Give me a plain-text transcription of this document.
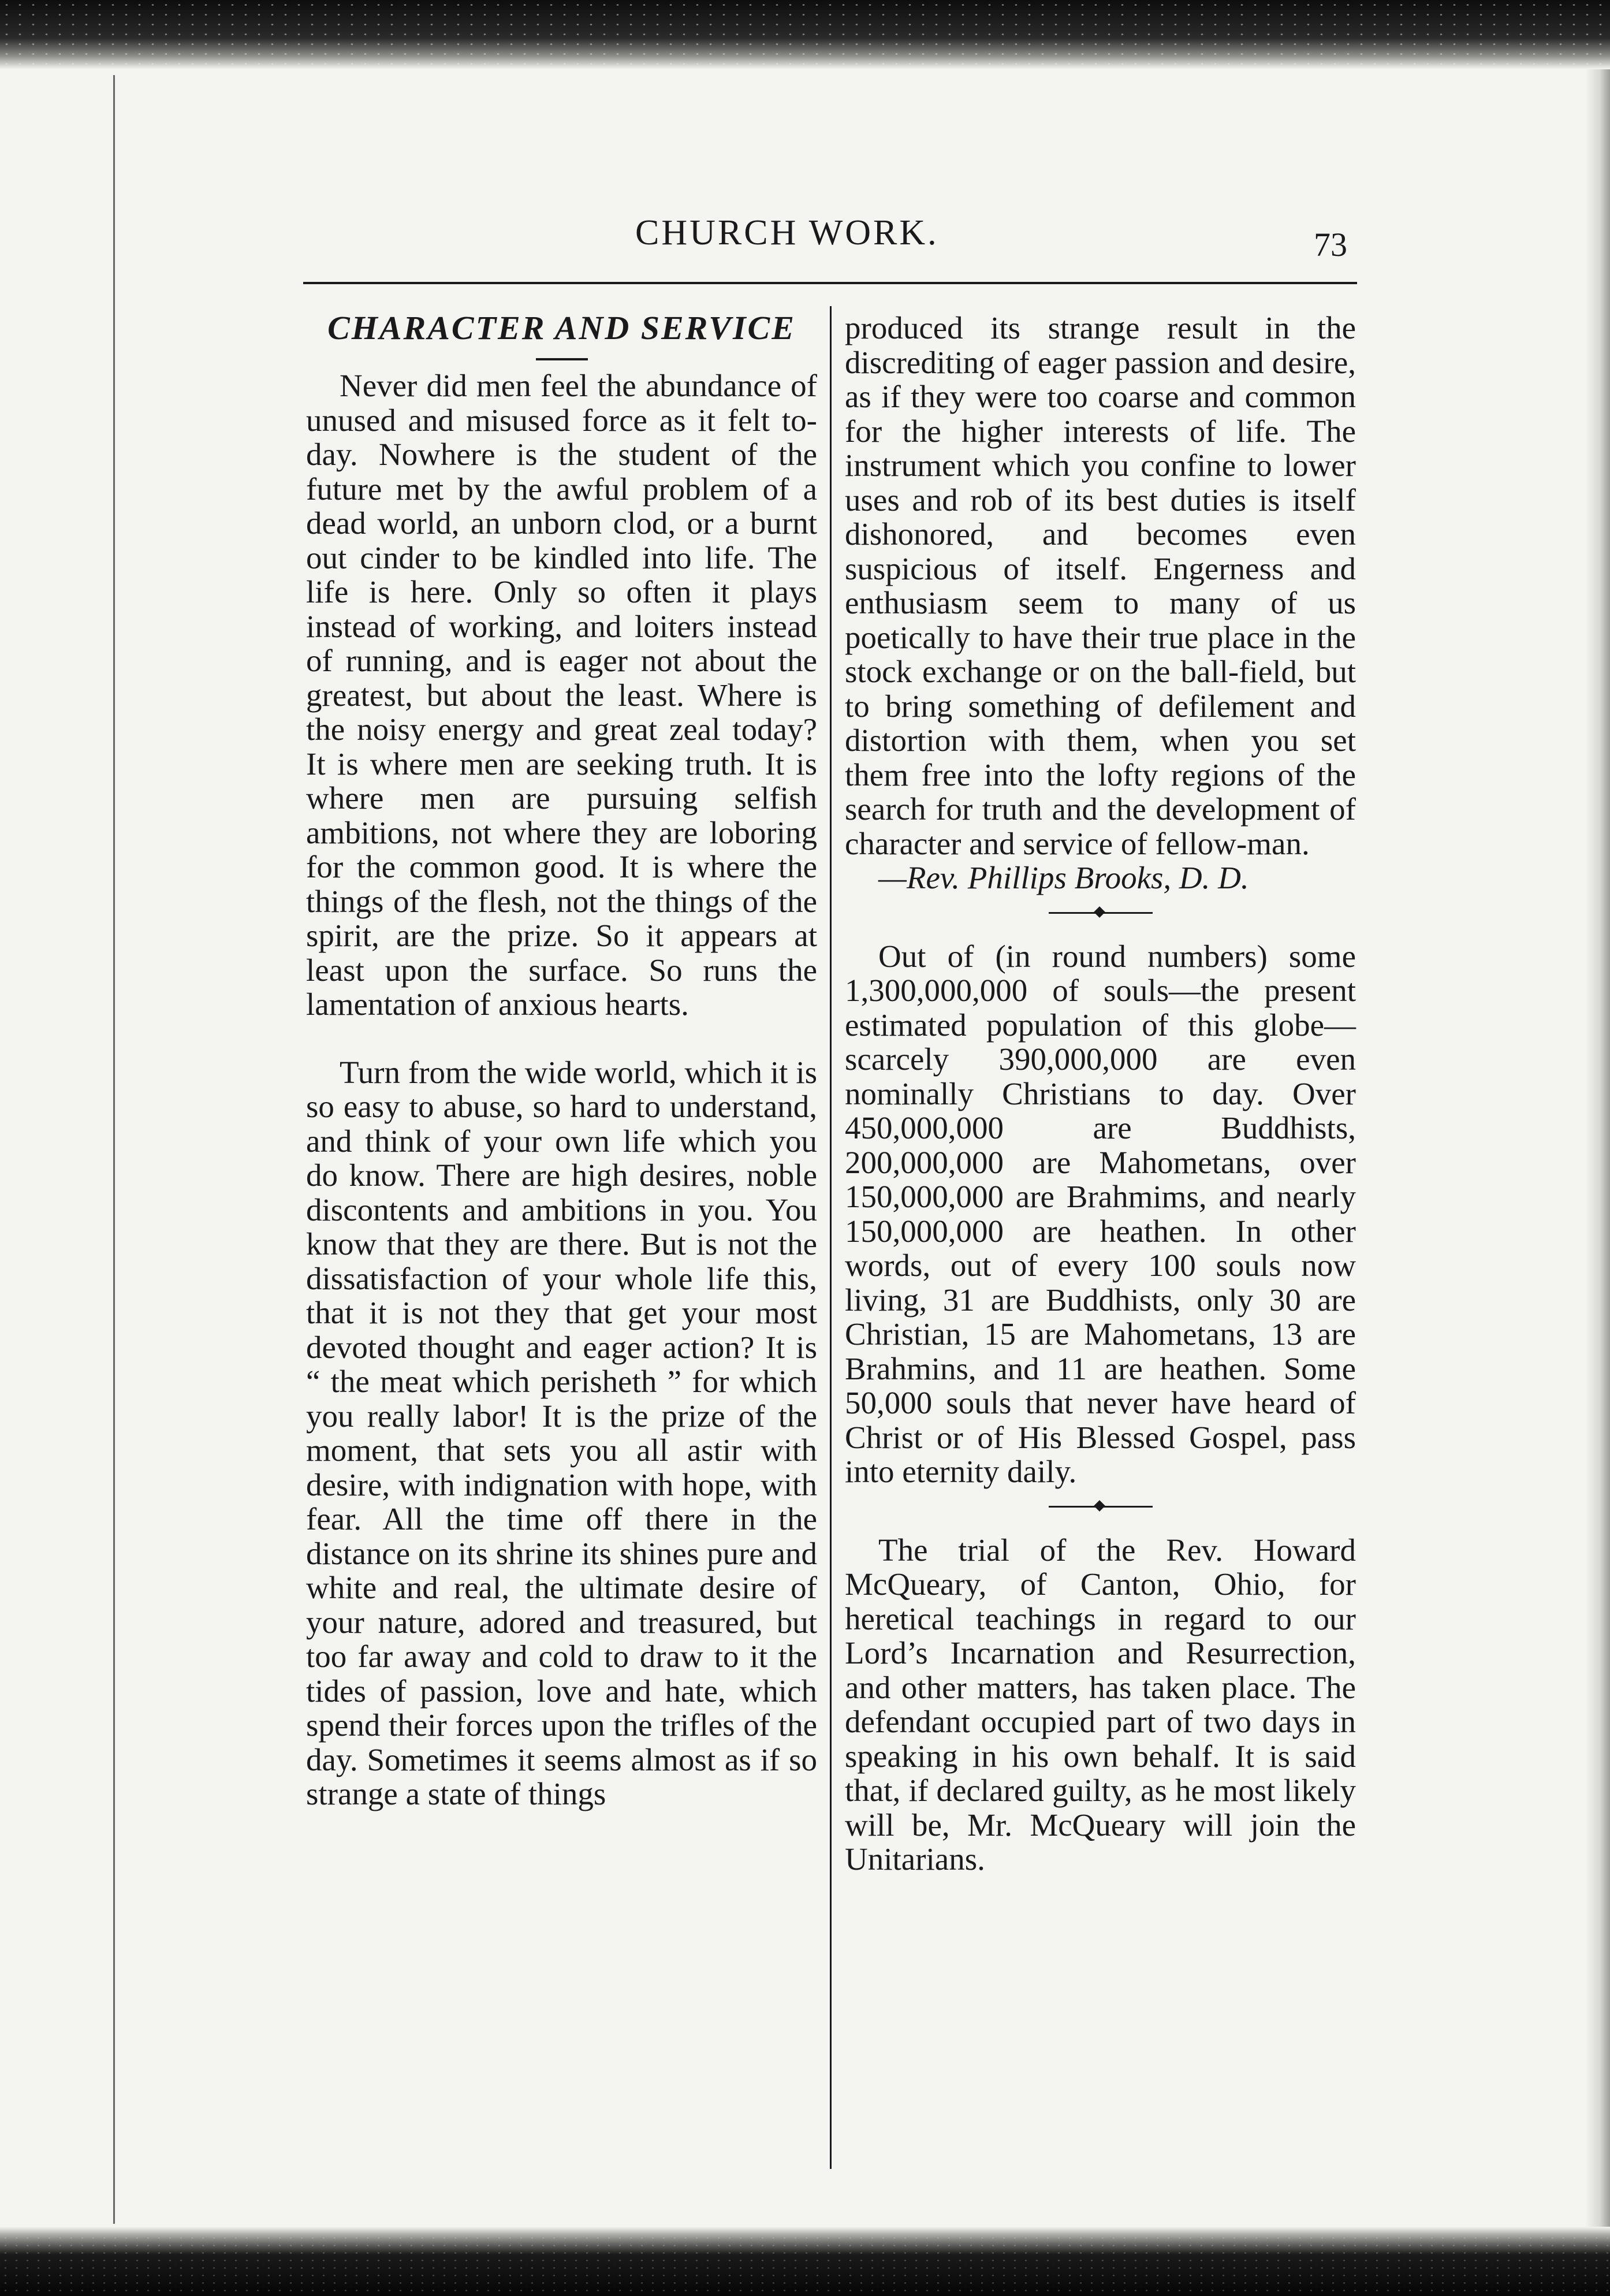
CHURCH WORK.	73
CHARACTER AND SERVICE

Never did men feel the abundance of unused and misused force as it felt to-day. Nowhere is the student of the future met by the awful problem of a dead world, an unborn clod, or a burnt out cinder to be kindled into life. The life is here. Only so often it plays instead of working, and loiters instead of running, and is eager not about the greatest, but about the least. Where is the noisy energy and great zeal today? It is where men are seeking truth. It is where men are pursuing selfish ambitions, not where they are loboring for the common good. It is where the things of the flesh, not the things of the spirit, are the prize. So it appears at least upon the surface. So runs the lamentation of anxious hearts.

Turn from the wide world, which it is so easy to abuse, so hard to understand, and think of your own life which you do know. There are high desires, noble discontents and ambitions in you. You know that they are there. But is not the dissatisfaction of your whole life this, that it is not they that get your most devoted thought and eager action? It is “ the meat which perisheth ” for which you really labor! It is the prize of the moment, that sets you all astir with desire, with indignation with hope, with fear. All the time off there in the distance on its shrine its shines pure and white and real, the ultimate desire of your nature, adored and treasured, but too far away and cold to draw to it the tides of passion, love and hate, which spend their forces upon the trifles of the day. Sometimes it seems almost as if so strange a state of things

produced its strange result in the discrediting of eager passion and desire, as if they were too coarse and common for the higher interests of life. The instrument which you confine to lower uses and rob of its best duties is itself dishonored, and becomes even suspicious of itself. Engerness and enthusiasm seem to many of us poetically to have their true place in the stock exchange or on the ball-field, but to bring something of defilement and distortion with them, when you set them free into the lofty regions of the search for truth and the development of character and service of fellow-man.

—Rev. Phillips Brooks, D. D.

Out of (in round numbers) some 1,300,000,000 of souls—the present estimated population of this globe—scarcely 390,000,000 are even nominally Christians to day. Over 450,000,000 are Buddhists, 200,000,000 are Mahometans, over 150,000,000 are Brahmims, and nearly 150,000,000 are heathen. In other words, out of every 100 souls now living, 31 are Buddhists, only 30 are Christian, 15 are Mahometans, 13 are Brahmins, and 11 are heathen. Some 50,000 souls that never have heard of Christ or of His Blessed Gospel, pass into eternity daily.

The trial of the Rev. Howard McQueary, of Canton, Ohio, for heretical teachings in regard to our Lord’s Incarnation and Resurrection, and other matters, has taken place. The defendant occupied part of two days in speaking in his own behalf. It is said that, if declared guilty, as he most likely will be, Mr. McQueary will join the Unitarians.
